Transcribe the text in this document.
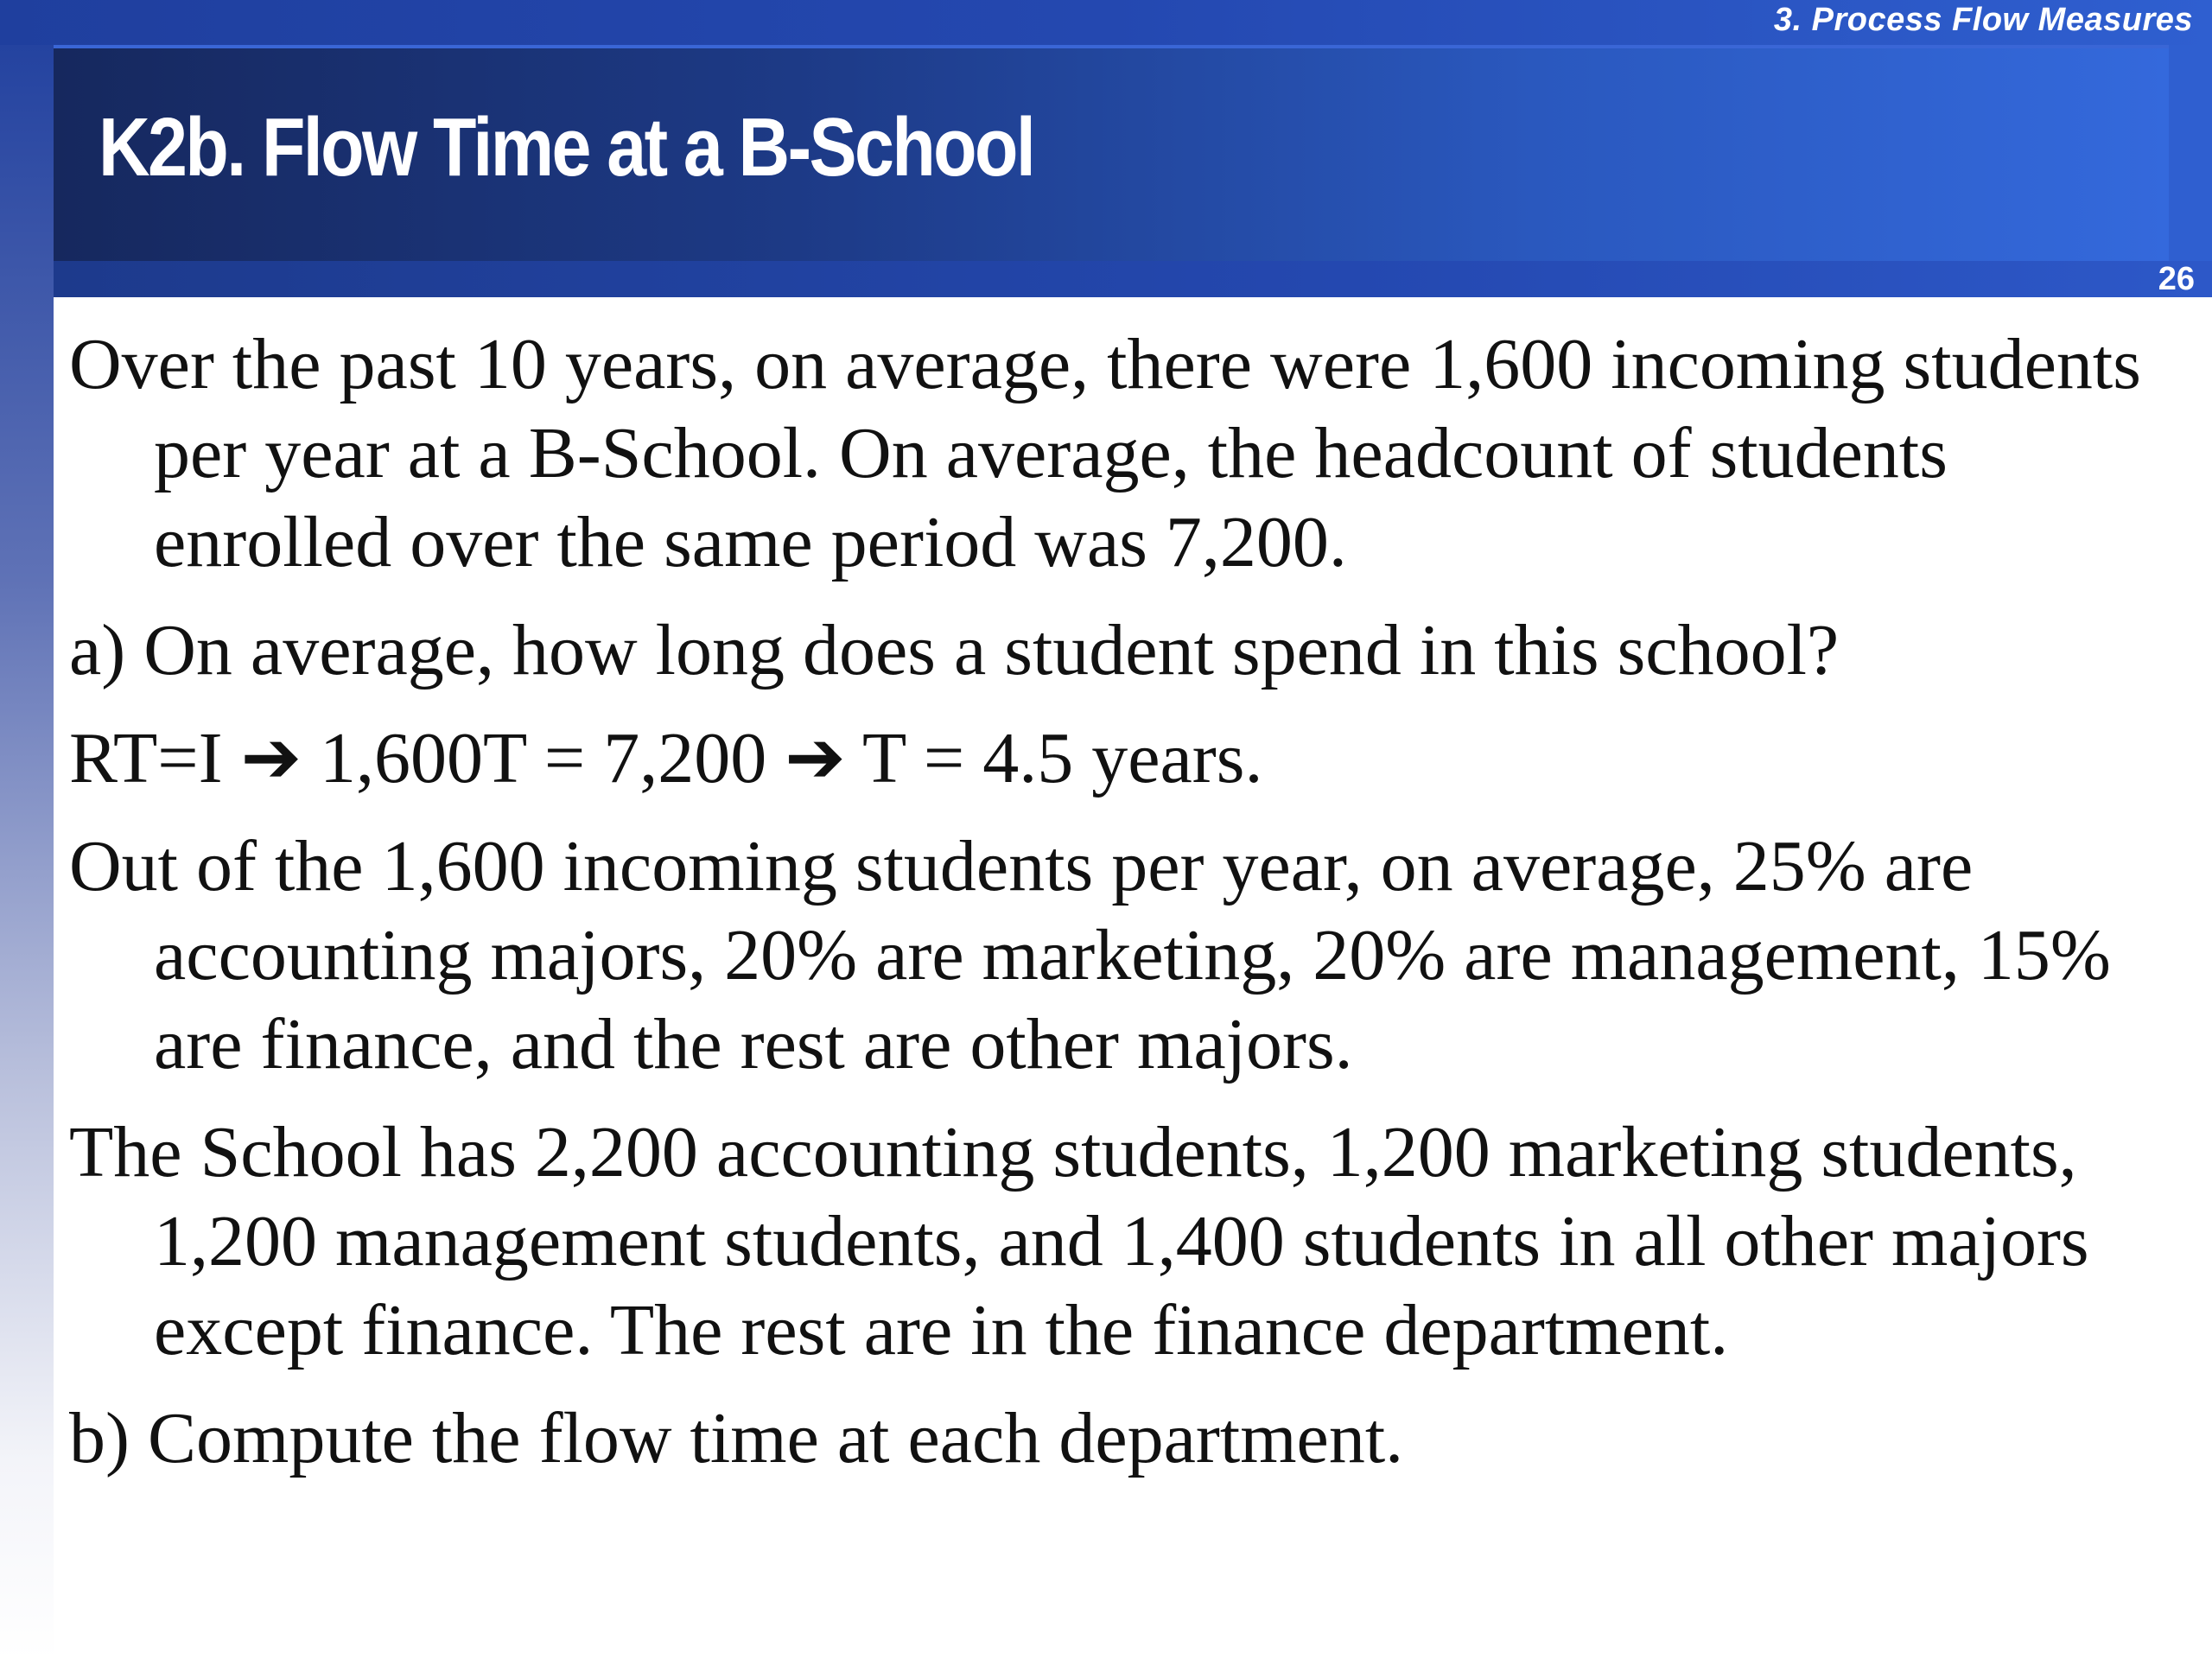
3. Process Flow Measures
K2b. Flow Time at a B-School
26

Over the past 10 years, on average, there were 1,600 incoming students per year at a B-School. On average, the headcount of students enrolled over the same period was 7,200.

a) On average, how long does a student spend in this school?

RT=I ➔ 1,600T = 7,200 ➔ T = 4.5 years.

Out of the 1,600 incoming students per year, on average, 25% are accounting majors, 20% are marketing, 20% are management, 15% are finance, and the rest are other majors.

The School has 2,200 accounting students, 1,200 marketing students, 1,200 management students, and 1,400 students in all other majors except finance. The rest are in the finance department.

b) Compute the flow time at each department.
